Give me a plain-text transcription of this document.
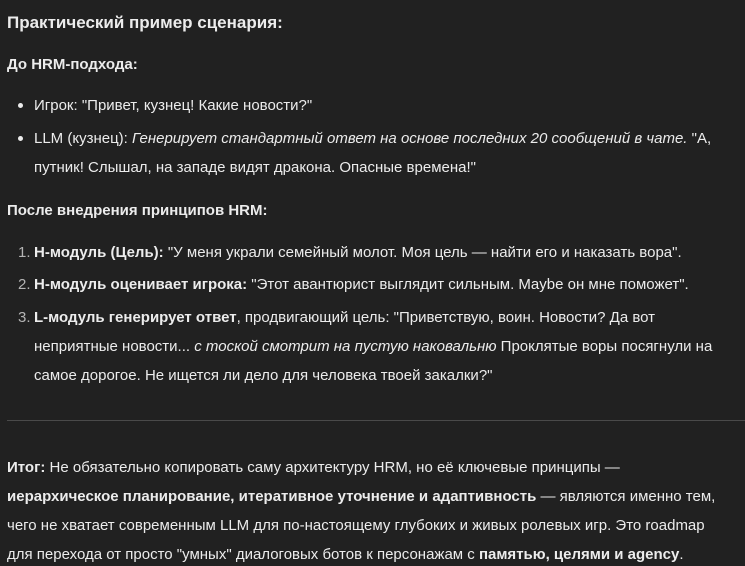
Практический пример сценария:
До HRM-подхода:
Игрок: "Привет, кузнец! Какие новости?"
LLM (кузнец): Генерирует стандартный ответ на основе последних 20 сообщений в чате. "А,
путник! Слышал, на западе видят дракона. Опасные времена!"
После внедрения принципов HRM:
1. H-модуль (Цель): "У меня украли семейный молот. Моя цель — найти его и наказать вора".
2. H-модуль оценивает игрока: "Этот авантюрист выглядит сильным. Maybe он мне поможет".
3. L-модуль генерирует ответ, продвигающий цель: "Приветствую, воин. Новости? Да вот
неприятные новости... с тоской смотрит на пустую наковальню Проклятые воры посягнули на
самое дорогое. Не ищется ли дело для человека твоей закалки?"
Итог: Не обязательно копировать саму архитектуру HRM, но её ключевые принципы —
иерархическое планирование, итеративное уточнение и адаптивность — являются именно тем,
чего не хватает современным LLM для по-настоящему глубоких и живых ролевых игр. Это roadmap
для перехода от просто "умных" диалоговых ботов к персонажам с памятью, целями и agency.
